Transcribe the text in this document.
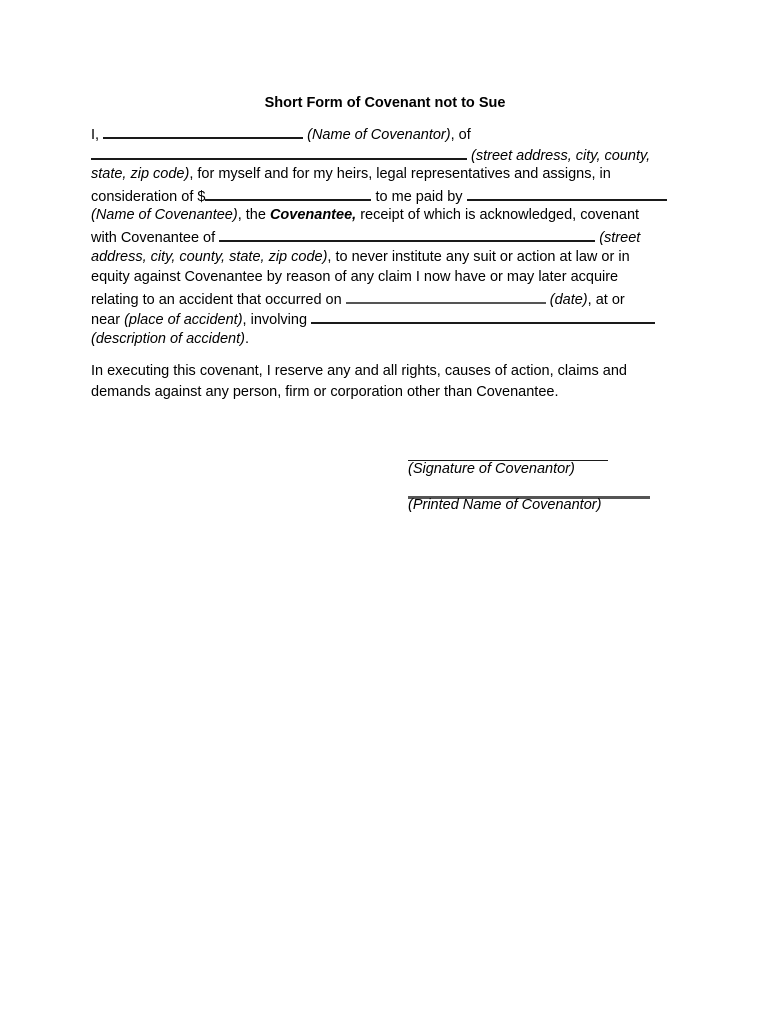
Short Form of Covenant not to Sue
I,	(Name of Covenantor), of
(street address, city, county,
state, zip code), for myself and for my heirs, legal representatives and assigns, in
consideration of $	to me paid by
(Name of Covenantee), the Covenantee, receipt of which is acknowledged, covenant
with Covenantee of	(street
address, city, county, state, zip code), to never institute any suit or action at law or in
equity against Covenantee by reason of any claim I now have or may later acquire
relating to an accident that occurred on	(date), at or
near (place of accident), involving
(description of accident).
In executing this covenant, I reserve any and all rights, causes of action, claims and
demands against any person, firm or corporation other than Covenantee.
(Signature of Covenantor)
(Printed Name of Covenantor)
